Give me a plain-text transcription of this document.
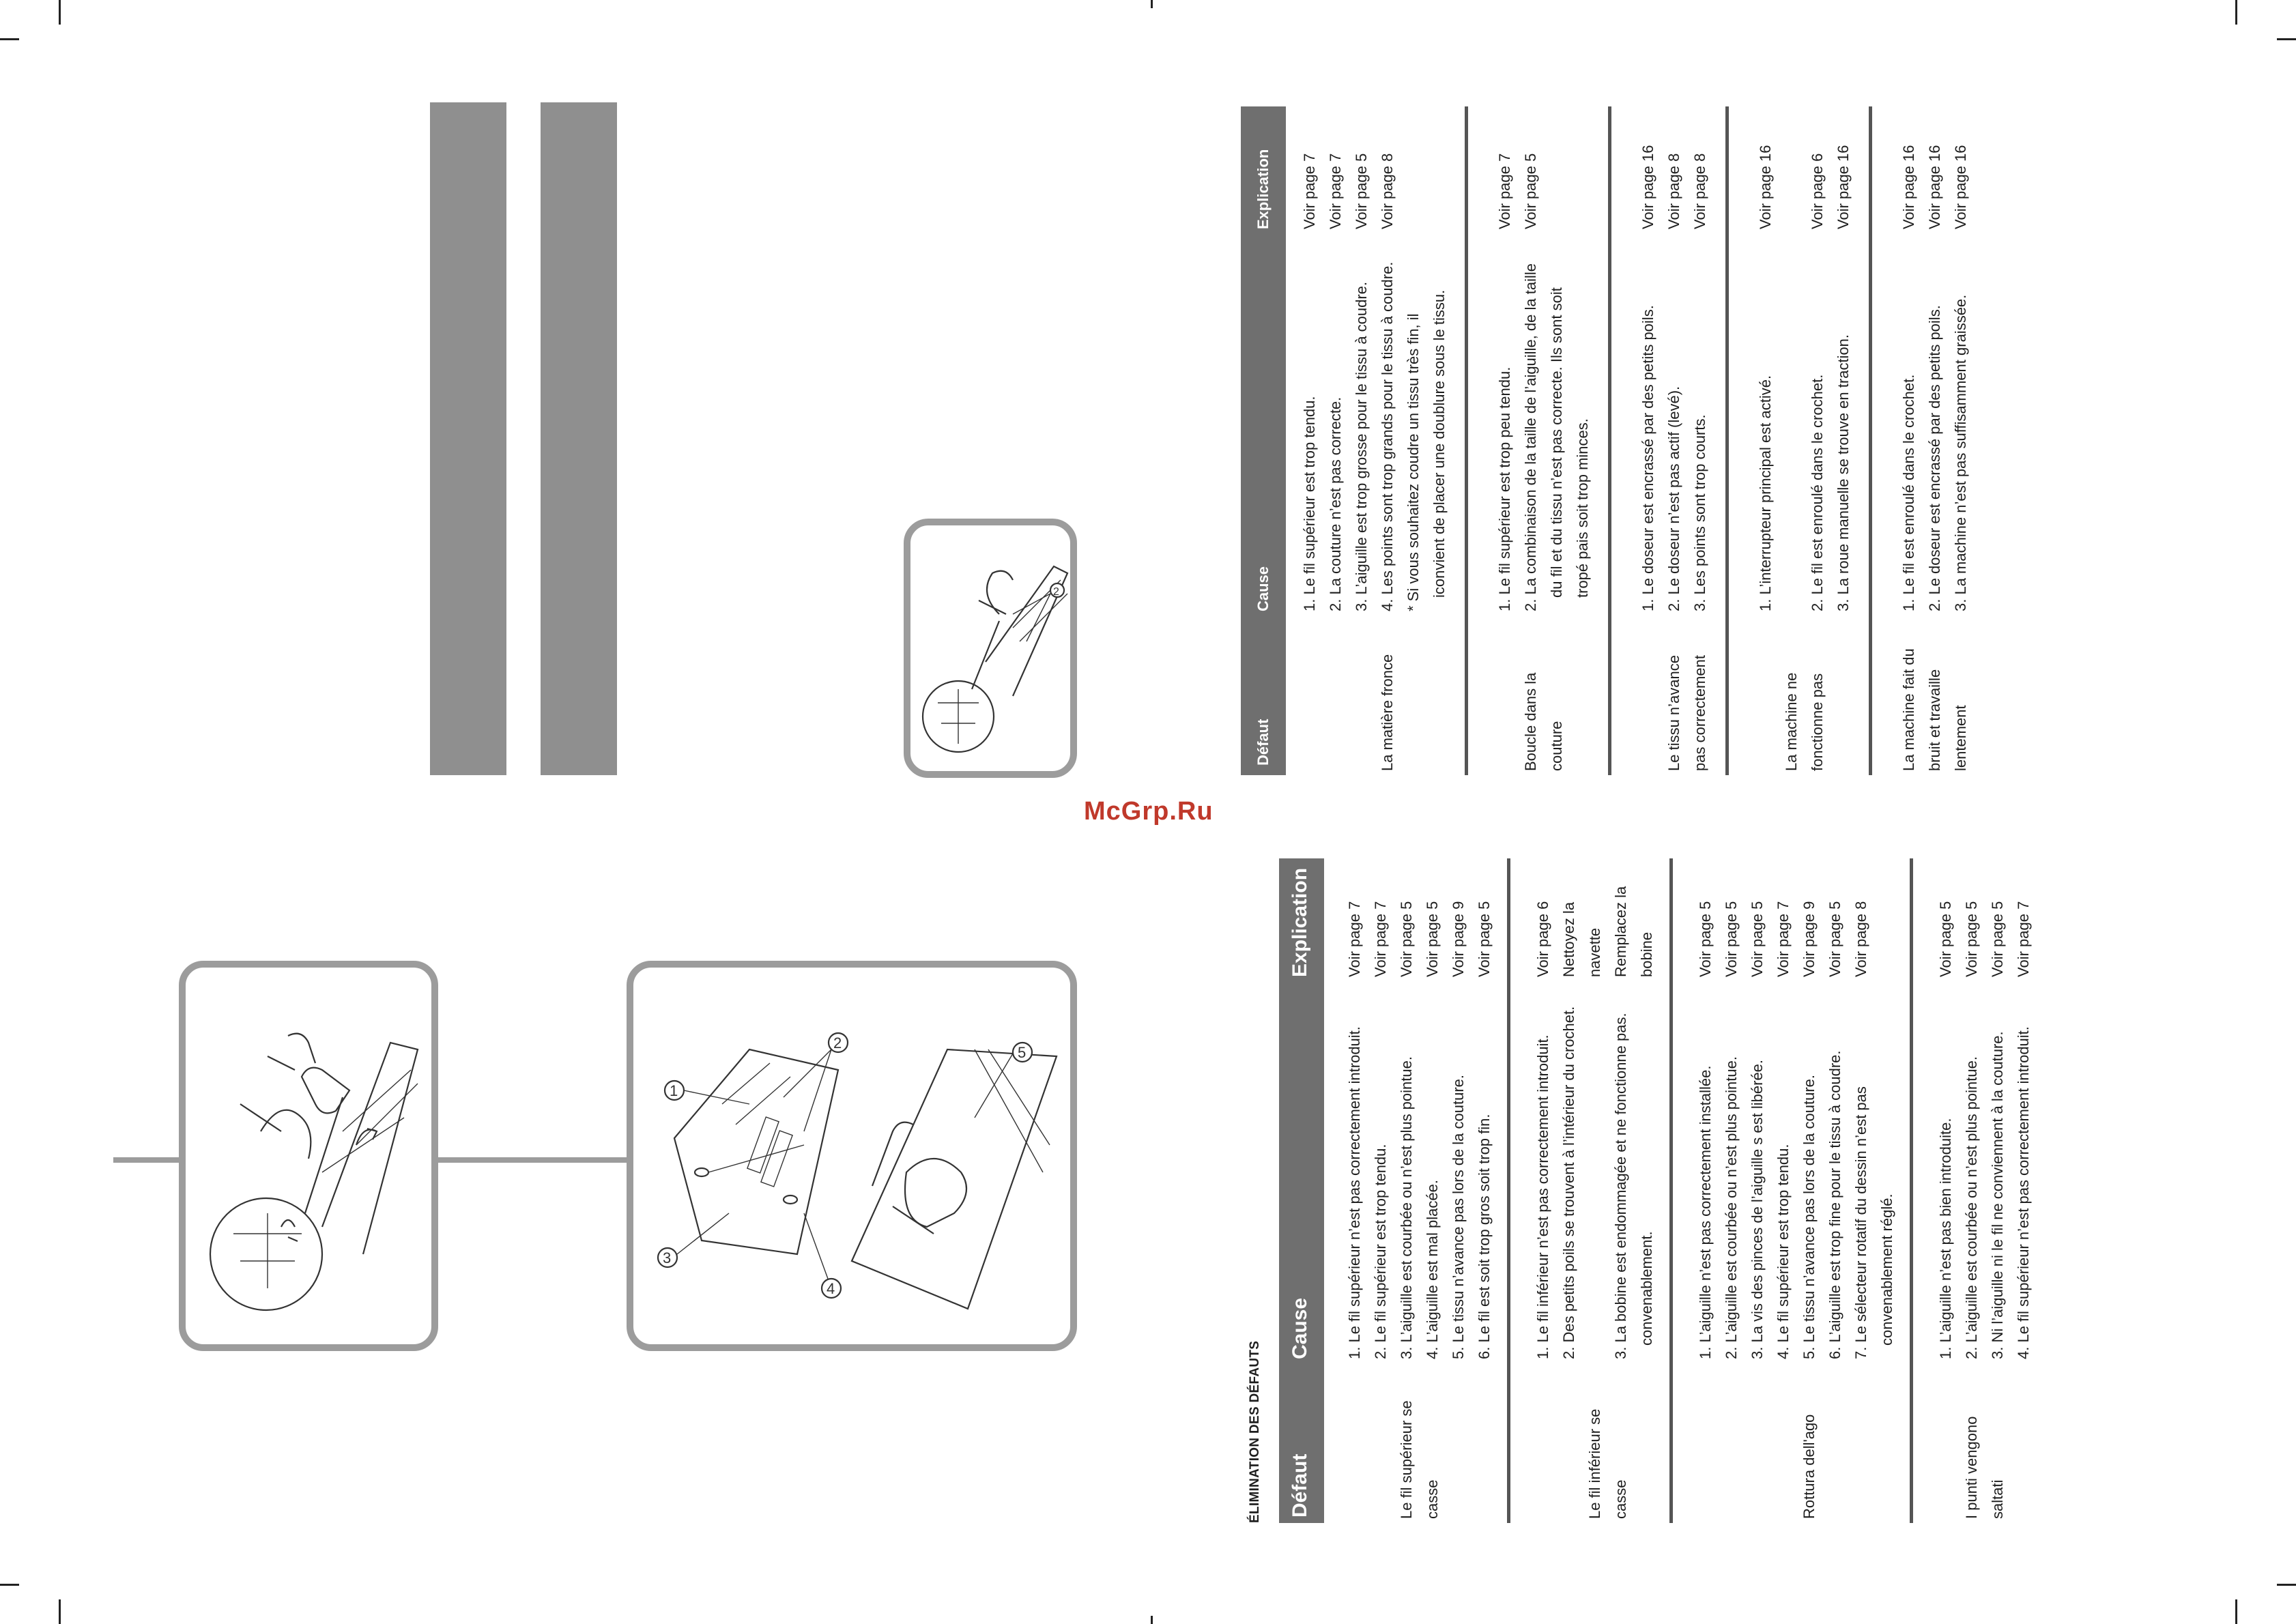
3
1
2
4
5
2
McGrp.Ru
ÉLIMINATION DES DÉFAUTS	Défaut
Cause
Explication
Le fil supérieur se casse
1. Le fil supérieur n’est pas correctement introduit.
Voir page 7
2. Le fil supérieur est trop tendu.
Voir page 7
3. L’aiguille est courbée ou n’est plus pointue.
Voir page 5
4. L’aiguille est mal placée.
Voir page 5
5. Le tissu n’avance pas lors de la couture.
Voir page 9
6. Le fil est soit trop gros soit trop fin.
Voir page 5
Le fil inférieur se casse
1. Le fil inférieur n’est pas correctement introduit.
Voir page 6
2. Des petits poils se trouvent à l’intérieur du crochet.
Nettoyez la navette
3. La bobine est endommagée et ne fonctionne pas. convenablement.
Remplacez la bobine
Rottura dell'ago
1. L’aiguille n’est pas correctement installée.
Voir page 5
2. L’aiguille est courbée ou n’est plus pointue.
Voir page 5
3. La vis des pinces de l’aiguille s est libérée.
Voir page 5
4. Le fil supérieur est trop tendu.
Voir page 7
5. Le tissu n’avance pas lors de la couture.
Voir page 9
6. L’aiguille est trop fine pour le tissu à coudre.
Voir page 5
7. Le sélecteur rotatif du dessin n’est pas convenablement réglé.
Voir page 8
I punti vengono saltati
1. L’aiguille n’est pas bien introduite.
Voir page 5
2. L’aiguille est courbée ou n’est plus pointue.
Voir page 5
3. Ni l’aiguille ni le fil ne conviennent à la couture.
Voir page 5
4. Le fil supérieur n’est pas correctement introduit.
Voir page 7
Défaut
Cause
Explication
La matière fronce
1. Le fil supérieur est trop tendu.
Voir page 7
2. La couture n’est pas correcte.
Voir page 7
3. L’aiguille est trop grosse pour le tissu à coudre.
Voir page 5
4. Les points sont trop grands pour le tissu à coudre.
Voir page 8
* Si vous souhaitez coudre un tissu très fin, il iconvient de placer une doublure sous le tissu.
Boucle dans la couture
1. Le fil supérieur est trop peu tendu.
Voir page 7
2. La combinaison de la taille de l’aiguille, de la taille du fil et du tissu n’est pas correcte. Ils sont soit tropé pais soit trop minces.
Voir page 5
Le tissu n’avance pas correctement
1. Le doseur est encrassé par des petits poils.
Voir page 16
2. Le doseur n’est pas actif (levé).
Voir page 8
3. Les points sont trop courts.
Voir page 8
La machine ne fonctionne pas
1. L’interrupteur principal est activé.
Voir page 16
2. Le fil est enroulé dans le crochet.
Voir page 6
3. La roue manuelle se trouve en traction.
Voir page 16
La machine fait du bruit et travaille lentement
1. Le fil est enroulé dans le crochet.
Voir page 16
2. Le doseur est encrassé par des petits poils.
Voir page 16
3. La machine n’est pas suffisamment graissée.
Voir page 16
